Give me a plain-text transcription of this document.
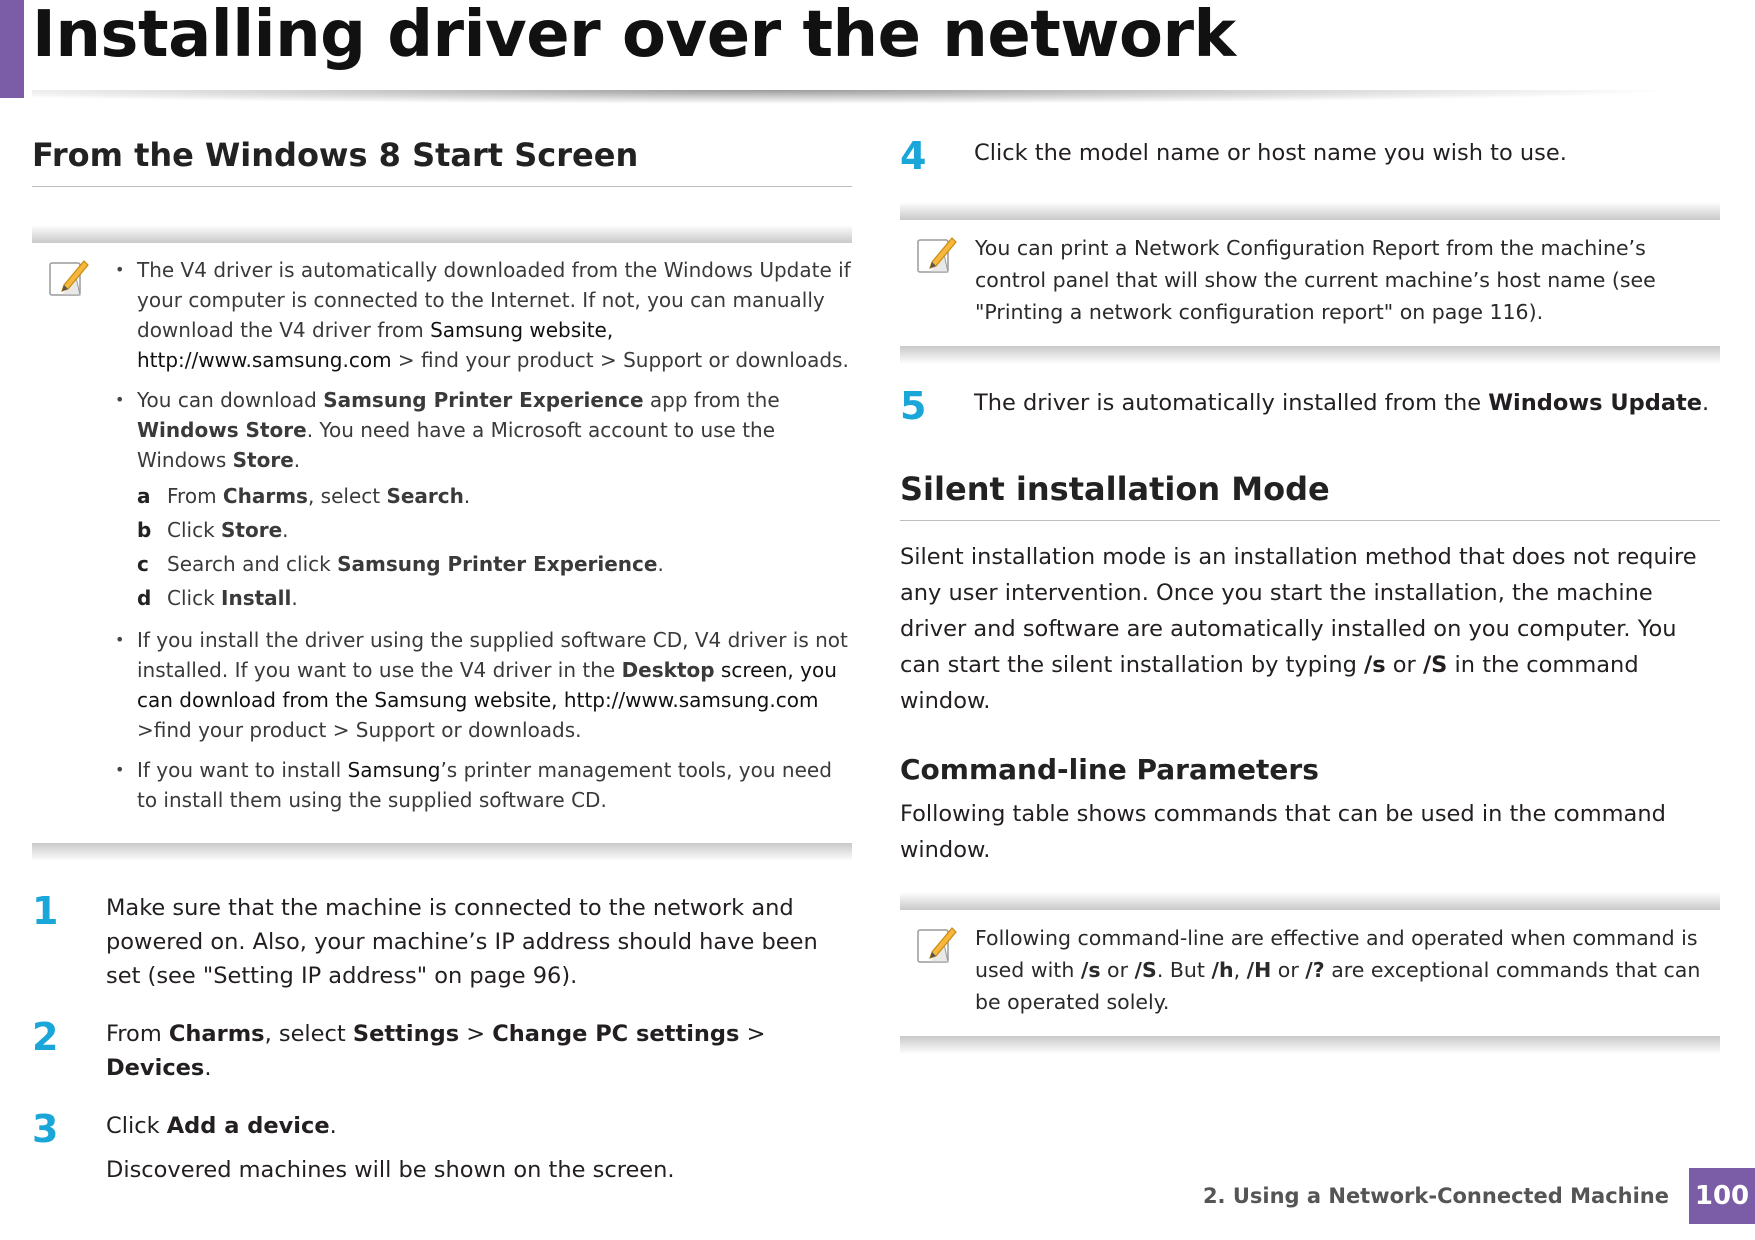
Installing driver over the network
From the Windows 8 Start Screen
• The V4 driver is automatically downloaded from the Windows Update if your computer is connected to the Internet. If not, you can manually download the V4 driver from Samsung website, http://www.samsung.com > find your product > Support or downloads.
• You can download Samsung Printer Experience app from the Windows Store. You need have a Microsoft account to use the Windows Store.
a From Charms, select Search.
b Click Store.
c Search and click Samsung Printer Experience.
d Click Install.
• If you install the driver using the supplied software CD, V4 driver is not installed. If you want to use the V4 driver in the Desktop screen, you can download from the Samsung website, http://www.samsung.com >find your product > Support or downloads.
• If you want to install Samsung’s printer management tools, you need to install them using the supplied software CD.
1	Make sure that the machine is connected to the network and powered on. Also, your machine’s IP address should have been set (see "Setting IP address" on page 96).
2	From Charms, select Settings > Change PC settings > Devices.
3	Click Add a device.
Discovered machines will be shown on the screen.
4	Click the model name or host name you wish to use.
You can print a Network Configuration Report from the machine’s control panel that will show the current machine’s host name (see "Printing a network configuration report" on page 116).
5	The driver is automatically installed from the Windows Update.
Silent installation Mode
Silent installation mode is an installation method that does not require any user intervention. Once you start the installation, the machine driver and software are automatically installed on you computer. You can start the silent installation by typing /s or /S in the command window.
Command-line Parameters
Following table shows commands that can be used in the command window.
Following command-line are effective and operated when command is used with /s or /S. But /h, /H or /? are exceptional commands that can be operated solely.
2. Using a Network-Connected Machine 100
